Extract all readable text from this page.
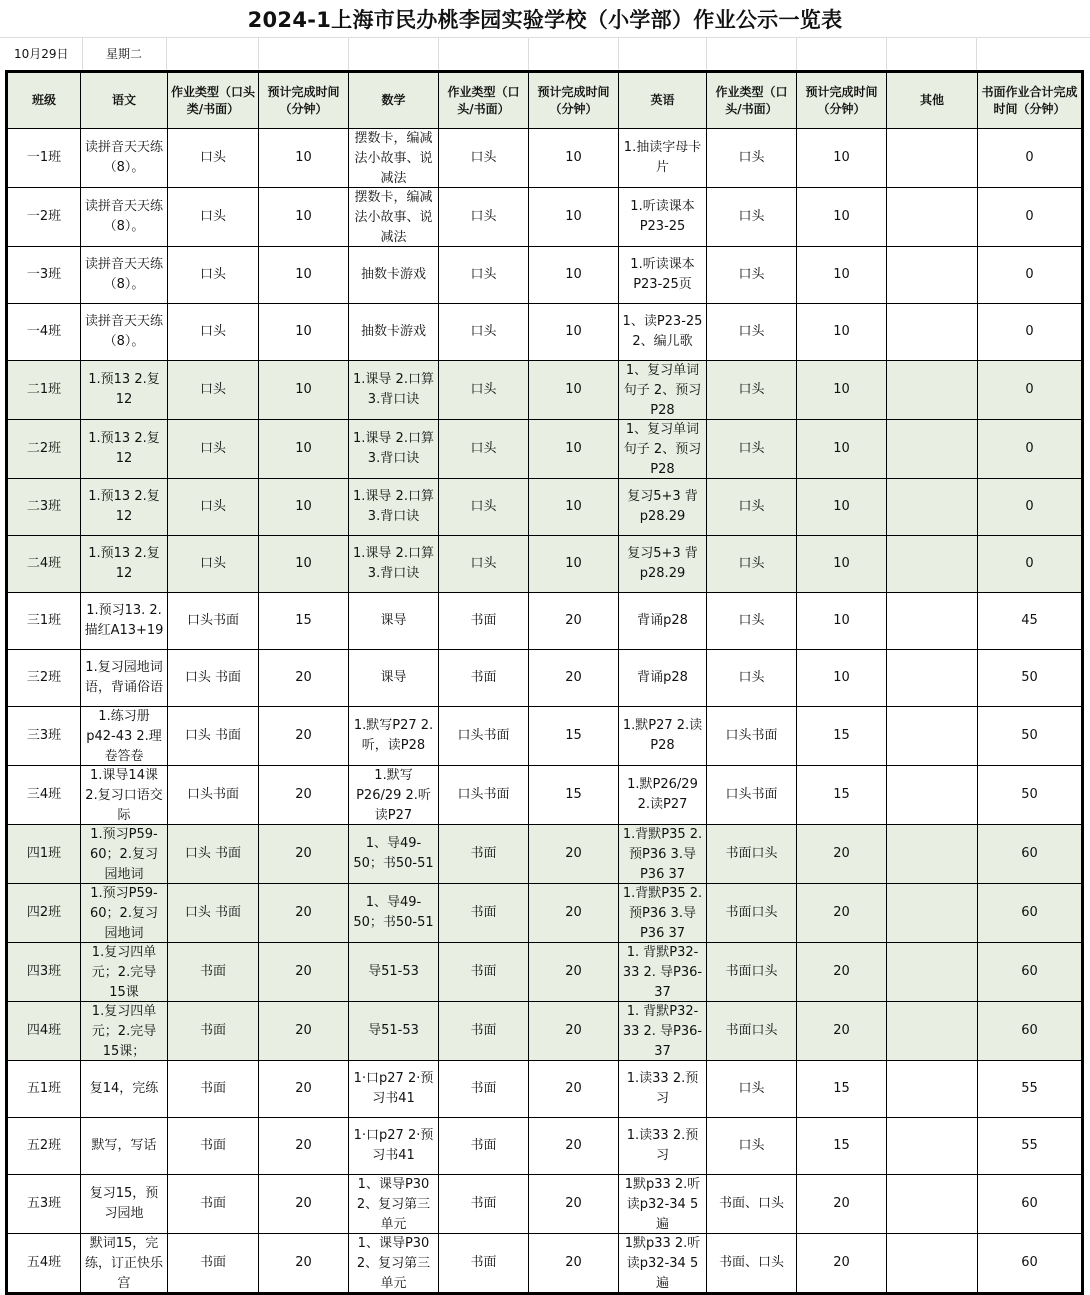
2024-1上海市民办桃李园实验学校（小学部）作业公示一览表
10月29日	星期二
班级	语文	作业类型（口头类/书面）	预计完成时间（分钟）	数学	作业类型（口头/书面）	预计完成时间（分钟）	英语	作业类型（口头/书面）	预计完成时间（分钟）	其他	书面作业合计完成时间（分钟）

一1班	读拼音天天练（8）。	口头	10	摆数卡，编减法小故事、说减法	口头	10	1.抽读字母卡片	口头	10		0

一2班	读拼音天天练（8）。	口头	10	摆数卡，编减法小故事、说减法	口头	10	1.听读课本P23-25	口头	10		0

一3班	读拼音天天练（8）。	口头	10	抽数卡游戏	口头	10	1.听读课本P23-25页	口头	10		0

一4班	读拼音天天练（8）。	口头	10	抽数卡游戏	口头	10	1、读P23-25 2、编儿歌	口头	10		0

二1班	1.预13 2.复12	口头	10	1.课导 2.口算 3.背口诀	口头	10	1、复习单词句子 2、预习 P28	口头	10		0

二2班	1.预13 2.复12	口头	10	1.课导 2.口算 3.背口诀	口头	10	1、复习单词句子 2、预习 P28	口头	10		0

二3班	1.预13 2.复12	口头	10	1.课导 2.口算 3.背口诀	口头	10	复习5+3 背p28.29	口头	10		0

二4班	1.预13 2.复12	口头	10	1.课导 2.口算 3.背口诀	口头	10	复习5+3 背p28.29	口头	10		0

三1班	1.预习13. 2.描红A13+19	口头书面	15	课导	书面	20	背诵p28	口头	10		45

三2班	1.复习园地词语，背诵俗语	口头 书面	20	课导	书面	20	背诵p28	口头	10		50

三3班	1.练习册p42-43 2.理卷答卷	口头 书面	20	1.默写P27 2.听，读P28	口头书面	15	1.默P27 2.读P28	口头书面	15		50

三4班	1.课导14课 2.复习口语交际	口头书面	20	1.默写P26/29 2.听读P27	口头书面	15	1.默P26/29 2.读P27	口头书面	15		50

四1班	1.预习P59-60；2.复习园地词	口头 书面	20	1、导49-50；书50-51	书面	20	1.背默P35 2.预P36 3.导P36 37	书面口头	20		60

四2班	1.预习P59-60；2.复习园地词	口头 书面	20	1、导49-50；书50-51	书面	20	1.背默P35 2.预P36 3.导P36 37	书面口头	20		60

四3班	1.复习四单元；2.完导15课	书面	20	导51-53	书面	20	1. 背默P32-33 2. 导P36-37	书面口头	20		60

四4班	1.复习四单元；2.完导15课；	书面	20	导51-53	书面	20	1. 背默P32-33 2. 导P36-37	书面口头	20		60

五1班	复14，完练	书面	20	1·口p27 2·预习书41	书面	20	1.读33 2.预习	口头	15		55

五2班	默写，写话	书面	20	1·口p27 2·预习书41	书面	20	1.读33 2.预习	口头	15		55

五3班	复习15，预习园地	书面	20	1、课导P30 2、复习第三单元	书面	20	1默p33 2.听读p32-34 5遍	书面、口头	20		60

五4班	默词15，完练，订正快乐宫	书面	20	1、课导P30 2、复习第三单元	书面	20	1默p33 2.听读p32-34 5遍	书面、口头	20		60
